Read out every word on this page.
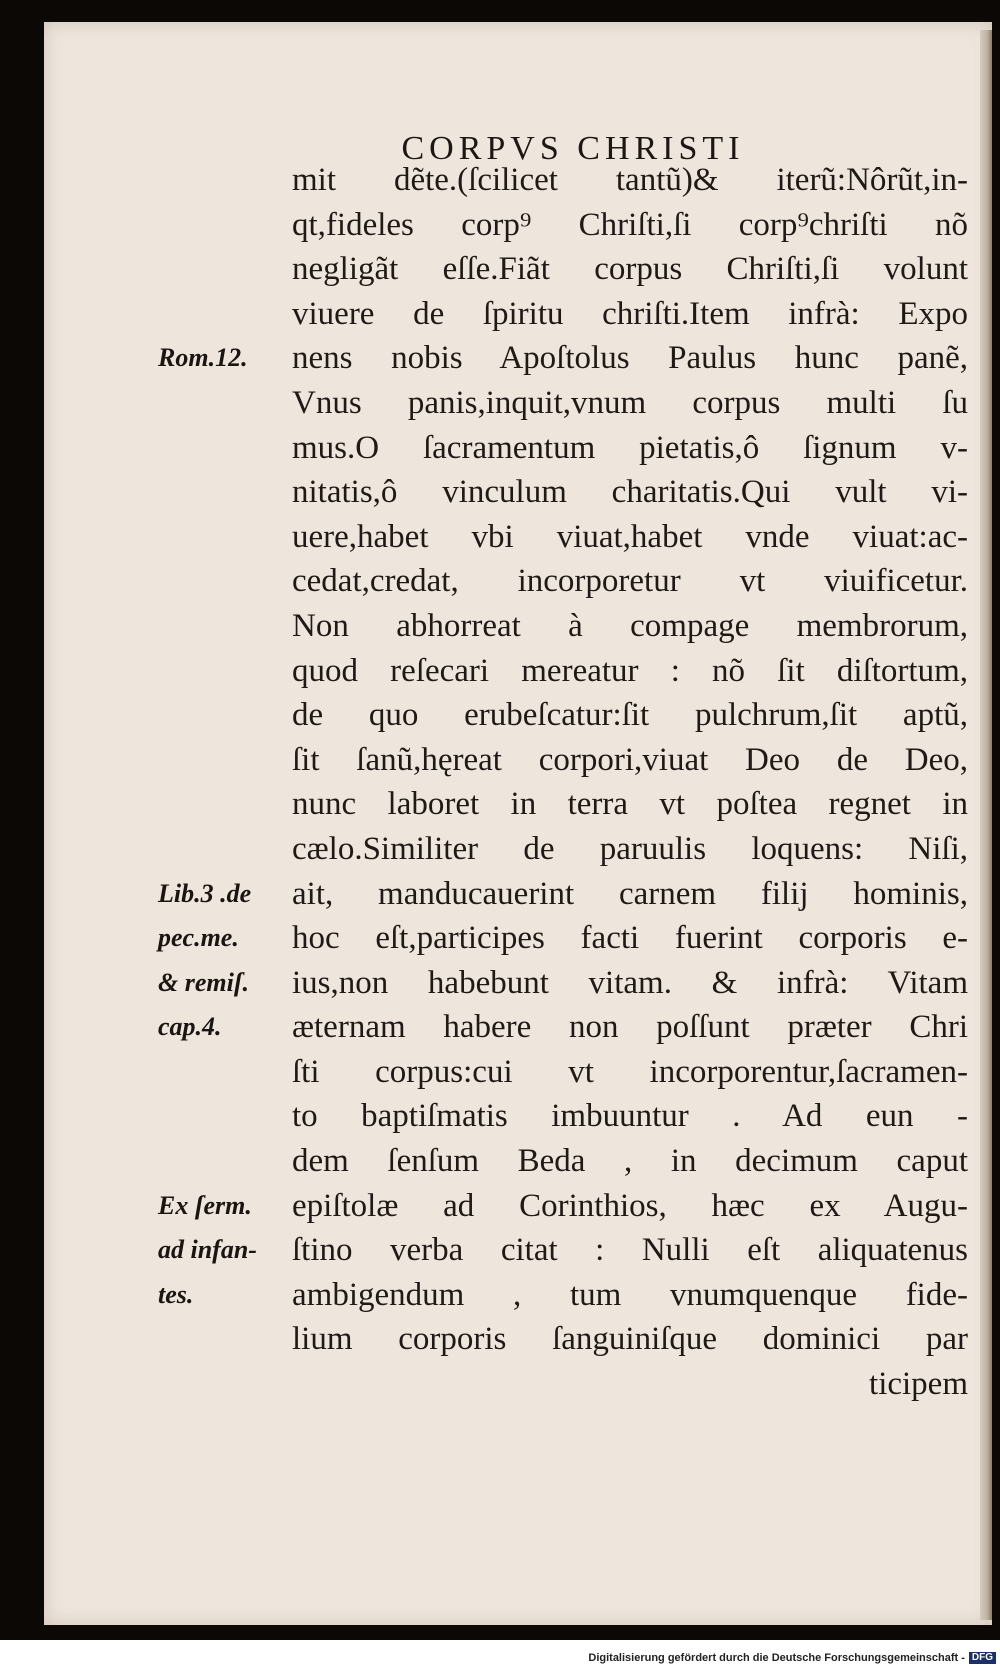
CORPVS CHRISTI
mit dẽte.(ſcilicet tantũ)& iterũ:Nôrũt,in-
qt,fideles corp⁹ Chriſti,ſi corp⁹chriſti nõ
negligãt eſſe.Fiãt corpus Chriſti,ſi volunt
viuere de ſpiritu chriſti.Item infrà: Expo
nens nobis Apoſtolus Paulus hunc panẽ,
Vnus panis,inquit,vnum corpus multi ſu
mus.O ſacramentum pietatis,ô ſignum v-
nitatis,ô vinculum charitatis.Qui vult vi-
uere,habet vbi viuat,habet vnde viuat:ac-
cedat,credat, incorporetur vt viuificetur.
Non abhorreat à compage membrorum,
quod reſecari mereatur : nõ ſit diſtortum,
de quo erubeſcatur:ſit pulchrum,ſit aptũ,
ſit ſanũ,hęreat corpori,viuat Deo de Deo,
nunc laboret in terra vt poſtea regnet in
cælo.Similiter de paruulis loquens: Niſi,
ait, manducauerint carnem filij hominis,
hoc eſt,participes facti fuerint corporis e-
ius,non habebunt vitam. & infrà: Vitam
æternam habere non poſſunt præter Chri
ſti corpus:cui vt incorporentur,ſacramen-
to baptiſmatis imbuuntur . Ad eun -
dem ſenſum Beda , in decimum caput
epiſtolæ ad Corinthios, hæc ex Augu-
ſtino verba citat : Nulli eſt aliquatenus
ambigendum , tum vnumquenque fide-
lium corporis ſanguiniſque dominici par
ticipem
Rom.12.
Lib.3 .de
pec.me.
& remiſ.
cap.4.
Ex ſerm.
ad infan-
tes.
Digitalisierung gefördert durch die Deutsche Forschungsgemeinschaft - DFG
